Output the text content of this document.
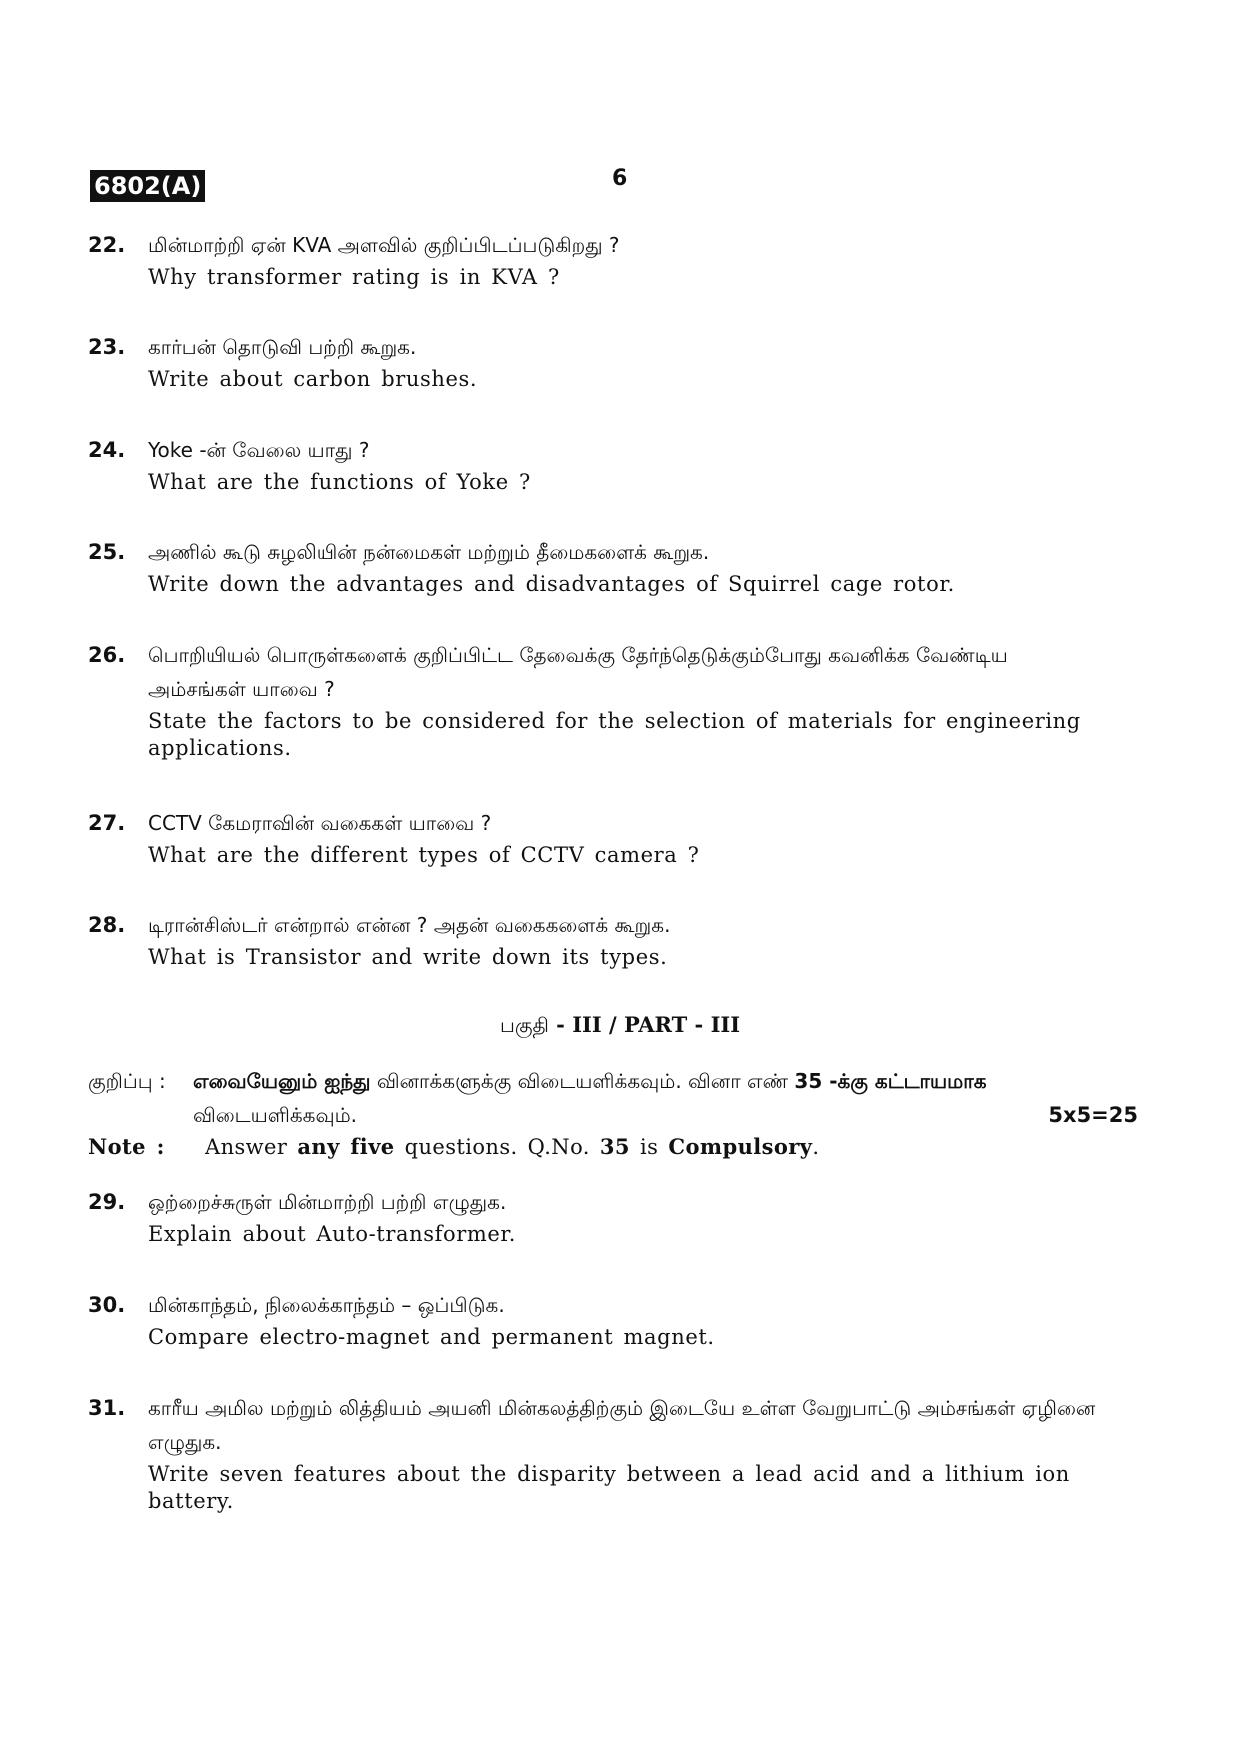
6802(A)	6
22. மின்மாற்றி ஏன் KVA அளவில் குறிப்பிடப்படுகிறது ?
Why transformer rating is in KVA ?
23. கார்பன் தொடுவி பற்றி கூறுக.
Write about carbon brushes.
24. Yoke -ன் வேலை யாது ?
What are the functions of Yoke ?
25. அணில் கூடு சுழலியின் நன்மைகள் மற்றும் தீமைகளைக் கூறுக.
Write down the advantages and disadvantages of Squirrel cage rotor.
26. பொறியியல் பொருள்களைக் குறிப்பிட்ட தேவைக்கு தேர்ந்தெடுக்கும்போது கவனிக்க வேண்டிய அம்சங்கள் யாவை ?
State the factors to be considered for the selection of materials for engineering applications.
27. CCTV கேமராவின் வகைகள் யாவை ?
What are the different types of CCTV camera ?
28. டிரான்சிஸ்டர் என்றால் என்ன ? அதன் வகைகளைக் கூறுக.
What is Transistor and write down its types.
பகுதி - III / PART - III
குறிப்பு : எவையேனும் ஐந்து வினாக்களுக்கு விடையளிக்கவும். வினா எண் 35 -க்கு கட்டாயமாக விடையளிக்கவும்.	5x5=25
Note : Answer any five questions. Q.No. 35 is Compulsory.
29. ஒற்றைச்சுருள் மின்மாற்றி பற்றி எழுதுக.
Explain about Auto-transformer.
30. மின்காந்தம், நிலைக்காந்தம் – ஒப்பிடுக.
Compare electro-magnet and permanent magnet.
31. காரீய அமில மற்றும் லித்தியம் அயனி மின்கலத்திற்கும் இடையே உள்ள வேறுபாட்டு அம்சங்கள் ஏழினை எழுதுக.
Write seven features about the disparity between a lead acid and a lithium ion battery.
